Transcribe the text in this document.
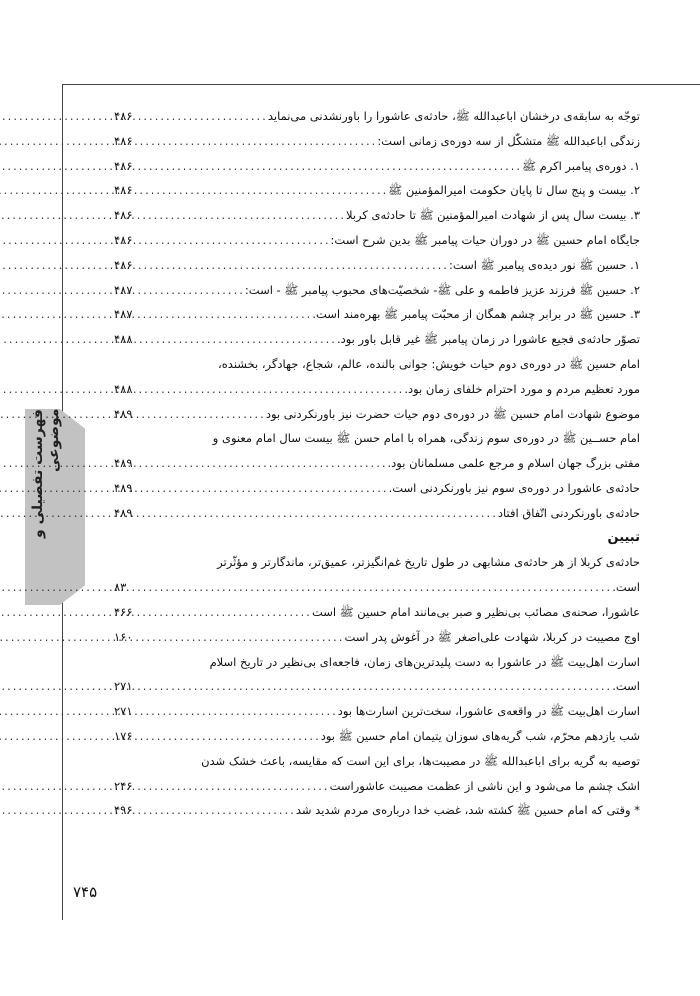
فهرست تفصیلی و موضوعی
۷۴۵
توجّه به سابقه‌ی درخشان اباعبدالله ﷺ، حادثه‌ی عاشورا را باورنشدنی می‌نماید
.....
۴۸۶
زندگی اباعبدالله ﷺ متشکّل از سه دوره‌ی زمانی است:
.....
۴۸۶
۱. دوره‌ی پیامبر اکرم ﷺ
.....
۴۸۶
۲. بیست و پنج سال تا پایان حکومت امیرالمؤمنین ﷺ
.....
۴۸۶
۳. بیست سال پس از شهادت امیرالمؤمنین ﷺ تا حادثه‌ی کربلا
.....
۴۸۶
جایگاه امام حسین ﷺ در دوران حیات پیامبر ﷺ بدین شرح است:
.....
۴۸۶
۱. حسین ﷺ نور دیده‌ی پیامبر ﷺ است:
.....
۴۸۶
۲. حسین ﷺ فرزند عزیز فاطمه و علی ﷺ- شخصیّت‌های محبوب پیامبر ﷺ - است:
.....
۴۸۷
۳. حسین ﷺ در برابر چشم همگان از محبّت پیامبر ﷺ بهره‌مند است.
.....
۴۸۷
تصوّر حادثه‌ی فجیع عاشورا در زمان پیامبر ﷺ غیر قابل باور بود.
.....
۴۸۸
امام حسین ﷺ در دوره‌ی دوم حیات خویش: جوانی بالنده، عالم، شجاع، جهادگر، بخشنده،
مورد تعظیم مردم و مورد احترام خلفای زمان بود.
.....
۴۸۸
موضوع شهادت امام حسین ﷺ در دوره‌ی دوم حیات حضرت نیز باورنکردنی بود
.....
۴۸۹
امام حســین ﷺ در دوره‌ی سوم زندگی، همراه با امام حسن ﷺ بیست سال امام معنوی و
مفتی بزرگ جهان اسلام و مرجع علمی مسلمانان بود.
.....
۴۸۹
حادثه‌ی عاشورا در دوره‌ی سوم نیز باورنکردنی است.
.....
۴۸۹
حادثه‌ی باورنکردنی اتّفاق افتاد
.....
۴۸۹
تبیین
حادثه‌ی کربلا از هر حادثه‌ی مشابهی در طول تاریخ غم‌انگیزتر، عمیق‌تر، ماندگارتر و مؤثّرتر
است.
.....
۸۳
عاشورا، صحنه‌ی مصائب بی‌نظیر و صبر بی‌مانند امام حسین ﷺ است
.....
۴۶۶
اوج مصیبت در کربلا، شهادت علی‌اصغر ﷺ در آغوش پدر است
.....
۱۶۰
اسارت اهل‌بیت ﷺ در عاشورا به دست پلیدترین‌های زمان، فاجعه‌ای بی‌نظیر در تاریخ اسلام
است.
.....
۲۷۱
اسارت اهل‌بیت ﷺ در واقعه‌ی عاشورا، سخت‌ترین اسارت‌ها بود
.....
۲۷۱
شب یازدهم محرّم، شب گریه‌های سوزان یتیمان امام حسین ﷺ بود
.....
۱۷۶
توصیه به گریه برای اباعبدالله ﷺ در مصیبت‌ها، برای این است که مقایسه، باعث خشک شدن
اشک چشم ما می‌شود و این ناشی از عظمت مصیبت عاشوراست
.....
۲۴۶
* وقتی که امام حسین ﷺ کشته شد، غضب خدا درباره‌ی مردم شدید شد
.....
۴۹۶
